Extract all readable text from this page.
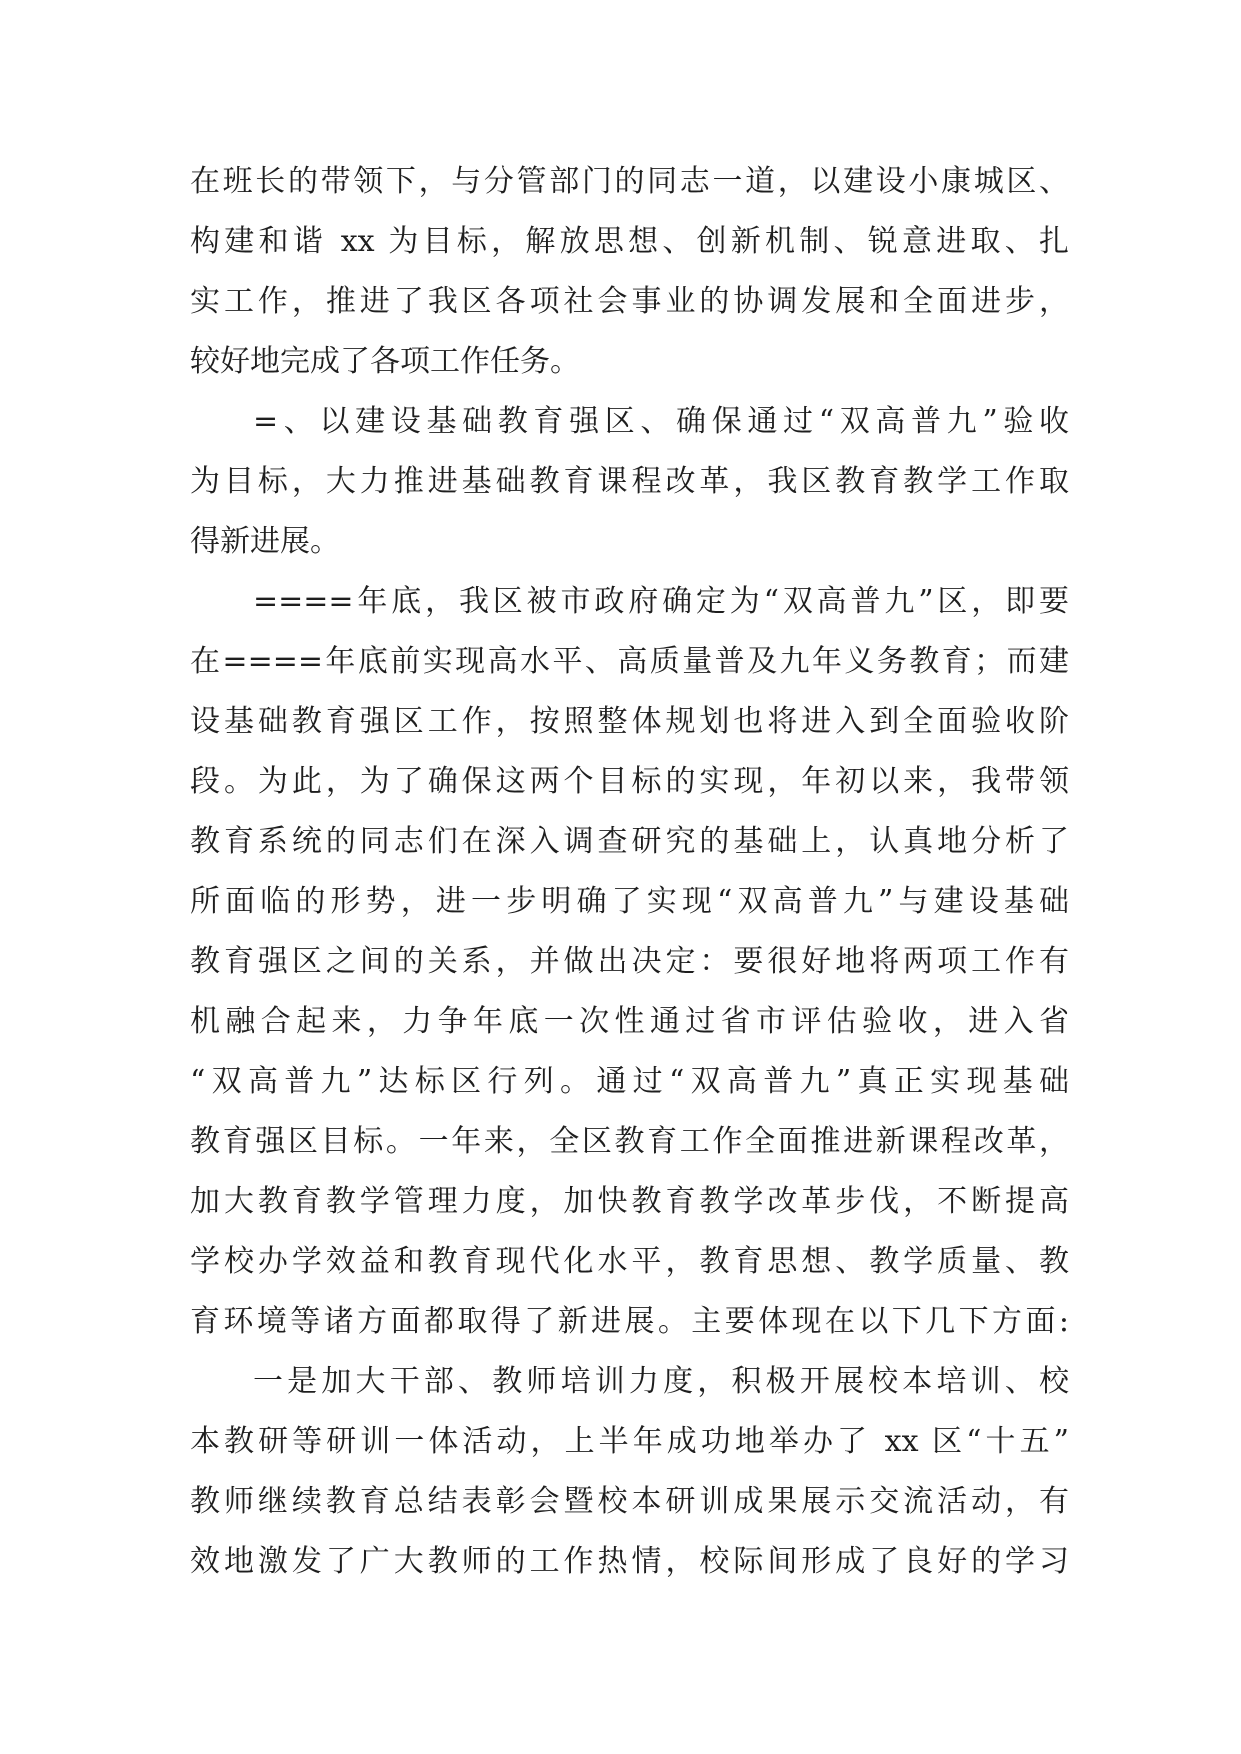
在班长的带领下，与分管部门的同志一道，以建设小康城区、
构建和谐 xx 为目标，解放思想、创新机制、锐意进取、扎
实工作，推进了我区各项社会事业的协调发展和全面进步，
较好地完成了各项工作任务。
=、以建设基础教育强区、确保通过“双高普九”验收
为目标，大力推进基础教育课程改革，我区教育教学工作取
得新进展。
====年底，我区被市政府确定为“双高普九”区，即要
在====年底前实现高水平、高质量普及九年义务教育；而建
设基础教育强区工作，按照整体规划也将进入到全面验收阶
段。为此，为了确保这两个目标的实现，年初以来，我带领
教育系统的同志们在深入调查研究的基础上，认真地分析了
所面临的形势，进一步明确了实现“双高普九”与建设基础
教育强区之间的关系，并做出决定：要很好地将两项工作有
机融合起来，力争年底一次性通过省市评估验收，进入省
“双高普九”达标区行列。通过“双高普九”真正实现基础
教育强区目标。一年来，全区教育工作全面推进新课程改革，
加大教育教学管理力度，加快教育教学改革步伐，不断提高
学校办学效益和教育现代化水平，教育思想、教学质量、教
育环境等诸方面都取得了新进展。主要体现在以下几下方面:
一是加大干部、教师培训力度，积极开展校本培训、校
本教研等研训一体活动，上半年成功地举办了 xx 区“十五”
教师继续教育总结表彰会暨校本研训成果展示交流活动，有
效地激发了广大教师的工作热情，校际间形成了良好的学习
